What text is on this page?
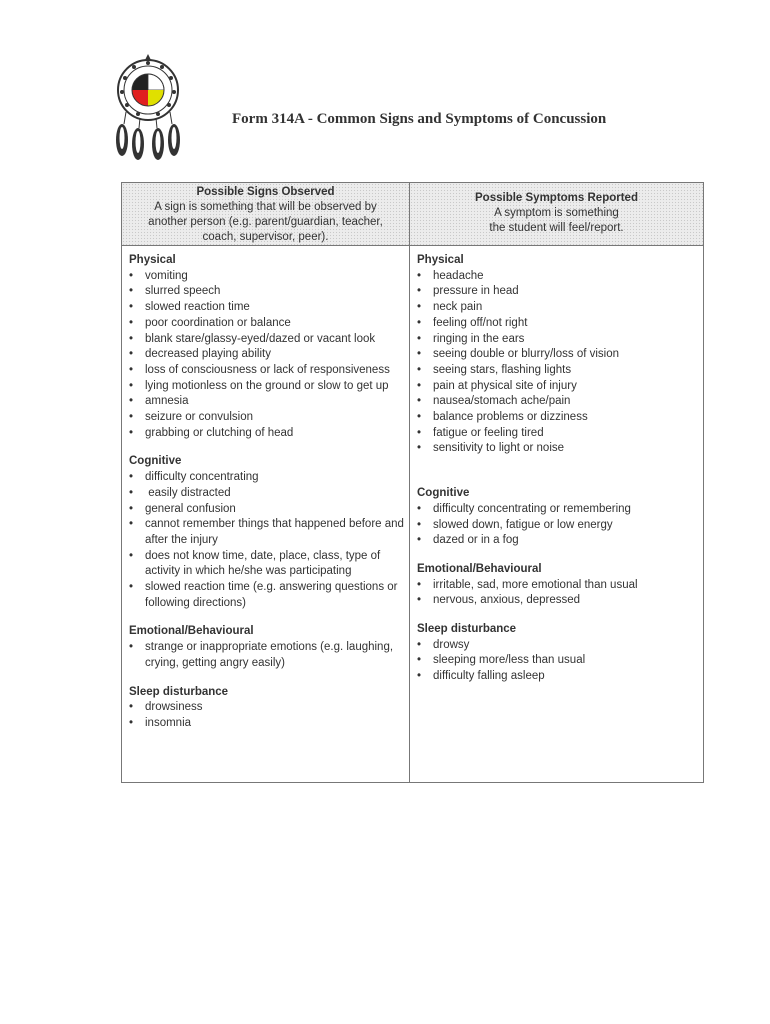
Form 314A - Common Signs and Symptoms of Concussion
Possible Signs Observed
A sign is something that will be observed by
another person (e.g. parent/guardian, teacher,
coach, supervisor, peer).
Possible Symptoms Reported
A symptom is something
the student will feel/report.
Physical
• vomiting
• slurred speech
• slowed reaction time
• poor coordination or balance
• blank stare/glassy-eyed/dazed or vacant look
• decreased playing ability
• loss of consciousness or lack of responsiveness
• lying motionless on the ground or slow to get up
• amnesia
• seizure or convulsion
• grabbing or clutching of head
Cognitive
• difficulty concentrating
•  easily distracted
• general confusion
• cannot remember things that happened before and after the injury
• does not know time, date, place, class, type of activity in which he/she was participating
• slowed reaction time (e.g. answering questions or following directions)
Emotional/Behavioural
• strange or inappropriate emotions (e.g. laughing, crying, getting angry easily)
Sleep disturbance
• drowsiness
• insomnia
Physical
• headache
• pressure in head
• neck pain
• feeling off/not right
• ringing in the ears
• seeing double or blurry/loss of vision
• seeing stars, flashing lights
• pain at physical site of injury
• nausea/stomach ache/pain
• balance problems or dizziness
• fatigue or feeling tired
• sensitivity to light or noise
Cognitive
• difficulty concentrating or remembering
• slowed down, fatigue or low energy
• dazed or in a fog
Emotional/Behavioural
• irritable, sad, more emotional than usual
• nervous, anxious, depressed
Sleep disturbance
• drowsy
• sleeping more/less than usual
• difficulty falling asleep
